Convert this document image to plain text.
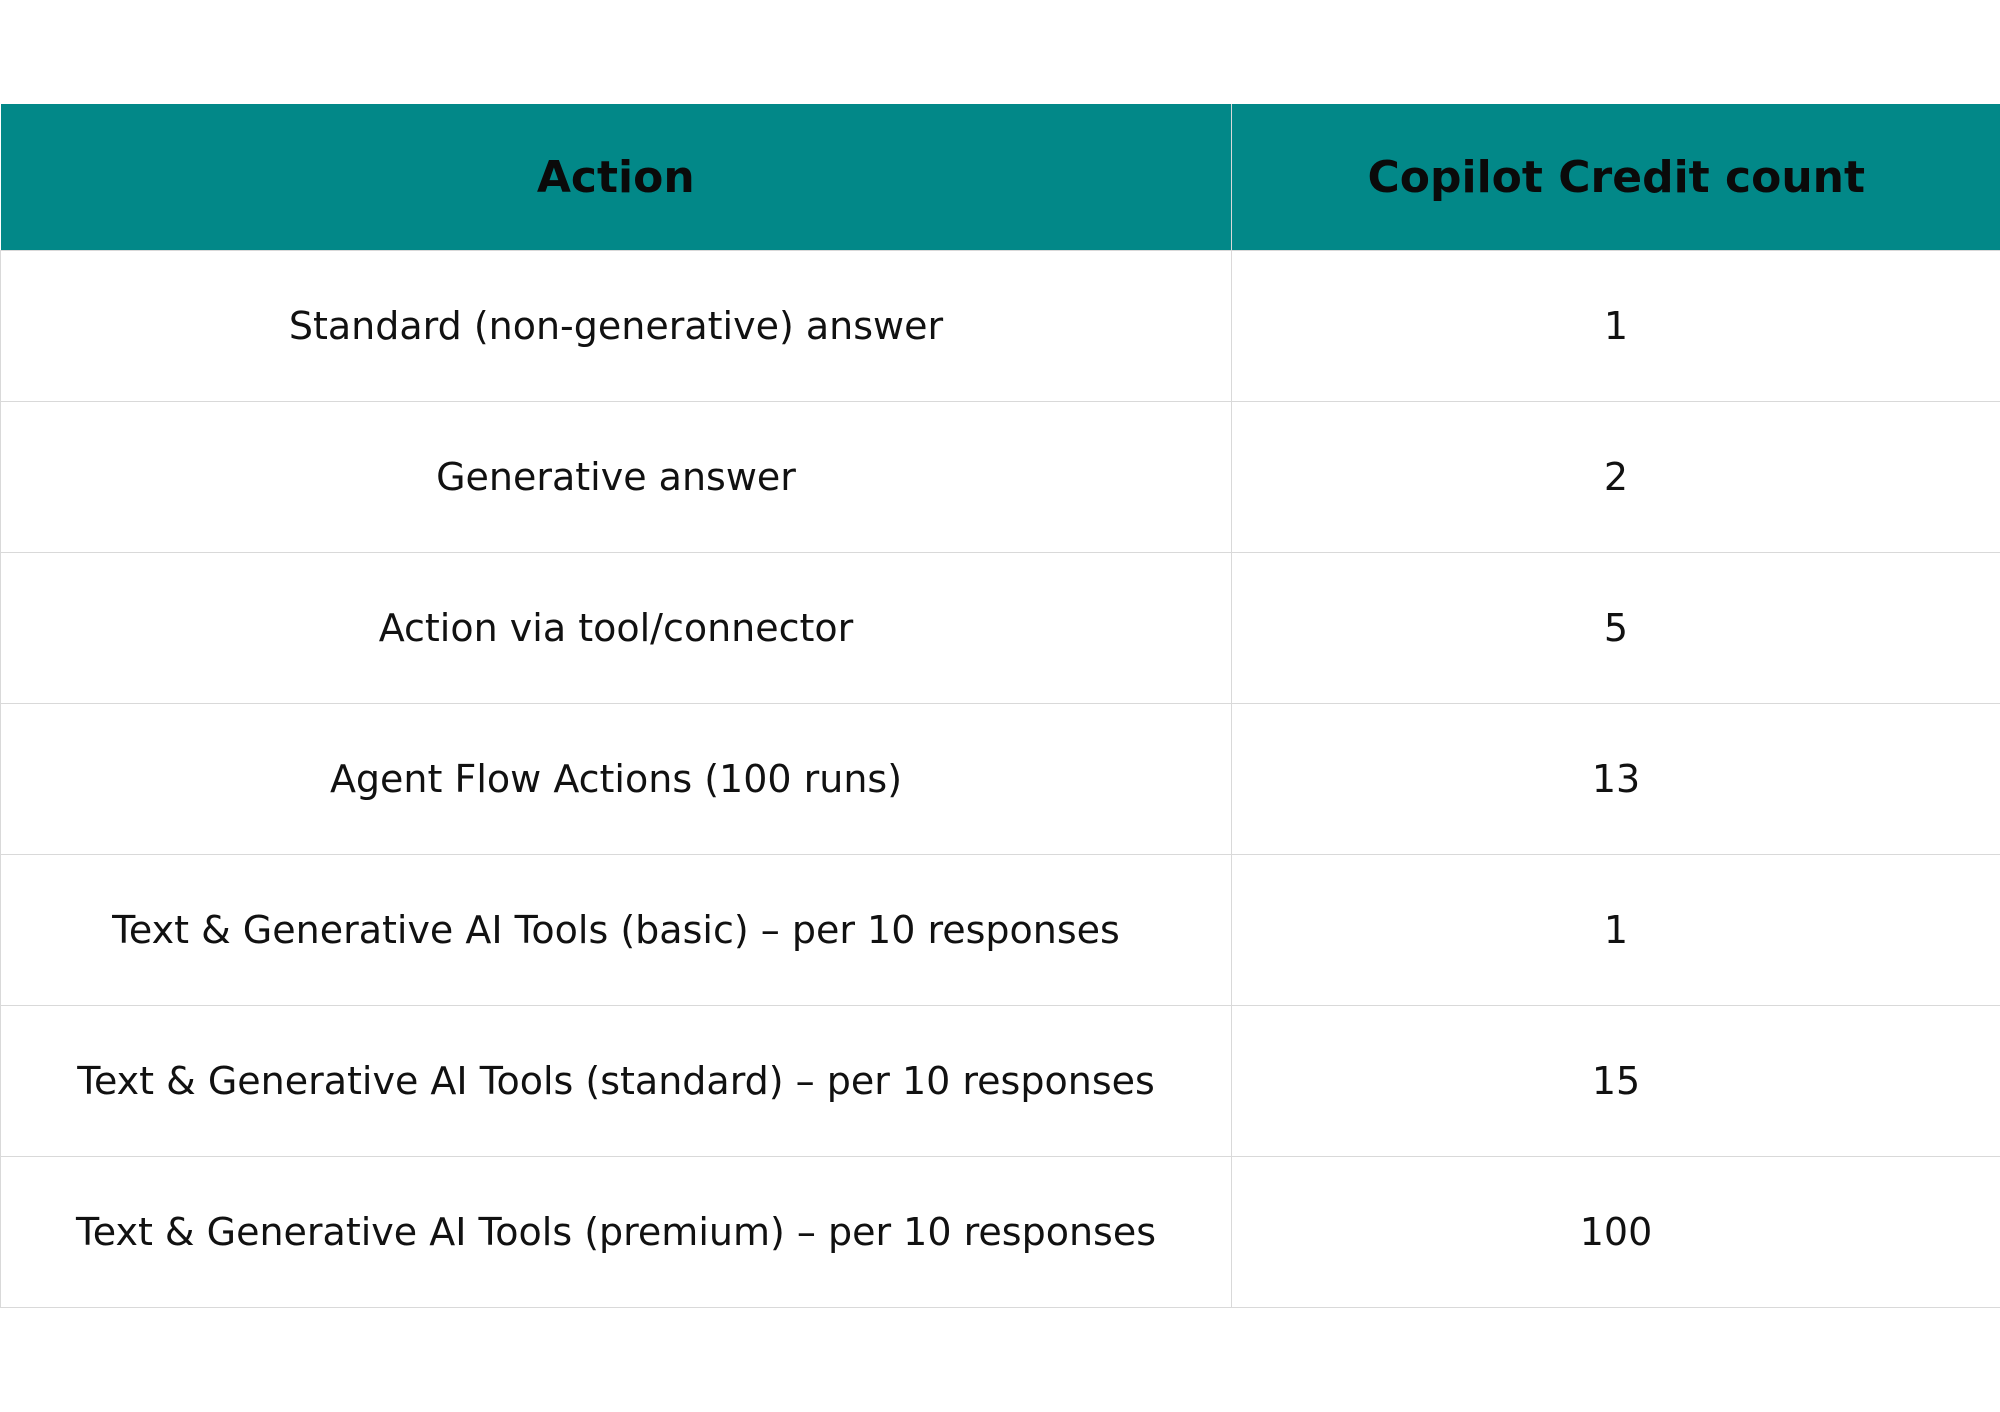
Action	Copilot Credit count
Standard (non-generative) answer	1
Generative answer	2
Action via tool/connector	5
Agent Flow Actions (100 runs)	13
Text & Generative AI Tools (basic) – per 10 responses	1
Text & Generative AI Tools (standard) – per 10 responses	15
Text & Generative AI Tools (premium) – per 10 responses	100
